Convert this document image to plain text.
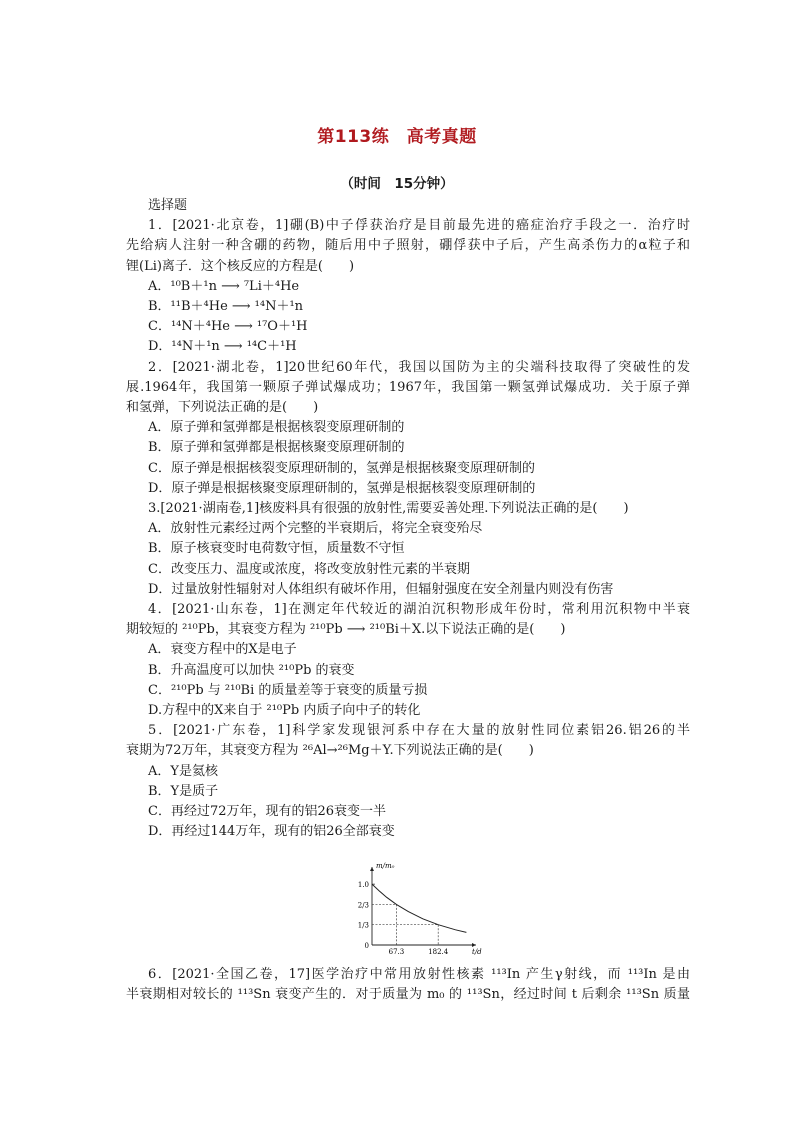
第113练　高考真题
（时间　15分钟）
选择题
1．[2021·北京卷，1]硼(B)中子俘获治疗是目前最先进的癌症治疗手段之一．治疗时
先给病人注射一种含硼的药物，随后用中子照射，硼俘获中子后，产生高杀伤力的α粒子和
锂(Li)离子．这个核反应的方程是(　　)
A．¹⁰B＋¹n ⟶ ⁷Li＋⁴He
B．¹¹B＋⁴He ⟶ ¹⁴N＋¹n
C．¹⁴N＋⁴He ⟶ ¹⁷O＋¹H
D．¹⁴N＋¹n ⟶ ¹⁴C＋¹H
2．[2021·湖北卷，1]20世纪60年代，我国以国防为主的尖端科技取得了突破性的发
展.1964年，我国第一颗原子弹试爆成功；1967年，我国第一颗氢弹试爆成功．关于原子弹
和氢弹，下列说法正确的是(　　)
A．原子弹和氢弹都是根据核裂变原理研制的
B．原子弹和氢弹都是根据核聚变原理研制的
C．原子弹是根据核裂变原理研制的，氢弹是根据核聚变原理研制的
D．原子弹是根据核聚变原理研制的，氢弹是根据核裂变原理研制的
3.[2021·湖南卷,1]核废料具有很强的放射性,需要妥善处理.下列说法正确的是(　　)
A．放射性元素经过两个完整的半衰期后，将完全衰变殆尽
B．原子核衰变时电荷数守恒，质量数不守恒
C．改变压力、温度或浓度，将改变放射性元素的半衰期
D．过量放射性辐射对人体组织有破坏作用，但辐射强度在安全剂量内则没有伤害
4．[2021·山东卷，1]在测定年代较近的湖泊沉积物形成年份时，常利用沉积物中半衰
期较短的 ²¹⁰Pb，其衰变方程为 ²¹⁰Pb ⟶ ²¹⁰Bi＋X.以下说法正确的是(　　)
A．衰变方程中的X是电子
B．升高温度可以加快 ²¹⁰Pb 的衰变
C．²¹⁰Pb 与 ²¹⁰Bi 的质量差等于衰变的质量亏损
D.方程中的X来自于 ²¹⁰Pb 内质子向中子的转化
5．[2021·广东卷，1]科学家发现银河系中存在大量的放射性同位素铝26.铝26的半
衰期为72万年，其衰变方程为 ²⁶Al→²⁶Mg＋Y.下列说法正确的是(　　)
A．Y是氦核
B．Y是质子
C．再经过72万年，现有的铝26衰变一半
D．再经过144万年，现有的铝26全部衰变
6．[2021·全国乙卷，17]医学治疗中常用放射性核素 ¹¹³In 产生γ射线，而 ¹¹³In 是由
半衰期相对较长的 ¹¹³Sn 衰变产生的．对于质量为 m₀ 的 ¹¹³Sn，经过时间 t 后剩余 ¹¹³Sn 质量
m/m₀
t/d
1.0
2/3
1/3
0
67.3	182.4
